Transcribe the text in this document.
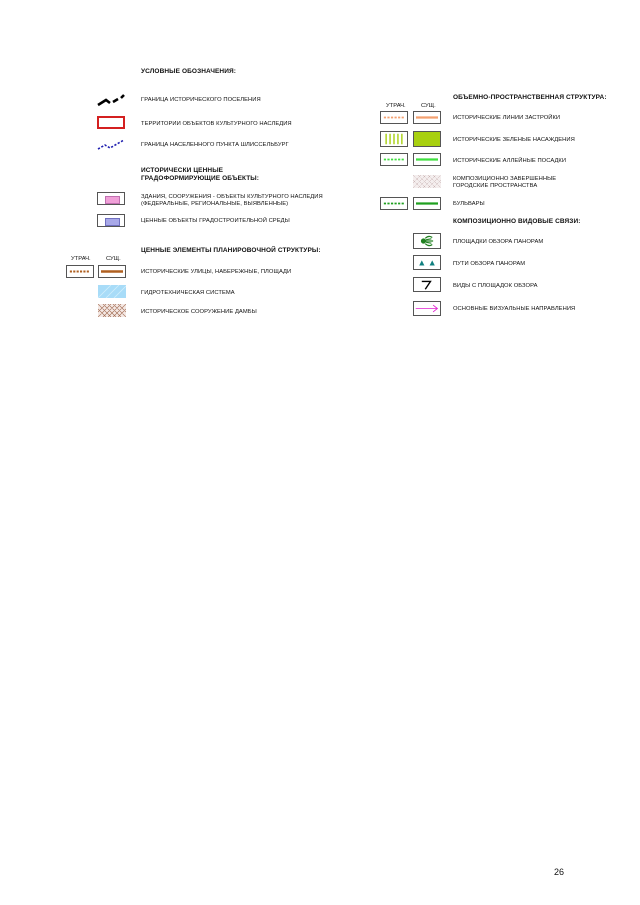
УСЛОВНЫЕ ОБОЗНАЧЕНИЯ:
ГРАНИЦА ИСТОРИЧЕСКОГО ПОСЕЛЕНИЯ
ТЕРРИТОРИИ ОБЪЕКТОВ КУЛЬТУРНОГО НАСЛЕДИЯ
ГРАНИЦА НАСЕЛЕННОГО ПУНКТА ШЛИССЕЛЬБУРГ
ИСТОРИЧЕСКИ ЦЕННЫЕ
ГРАДОФОРМИРУЮЩИЕ ОБЪЕКТЫ:
ЗДАНИЯ, СООРУЖЕНИЯ - ОБЪЕКТЫ КУЛЬТУРНОГО НАСЛЕДИЯ
(ФЕДЕРАЛЬНЫЕ, РЕГИОНАЛЬНЫЕ, ВЫЯВЛЕННЫЕ)
ЦЕННЫЕ ОБЪЕКТЫ ГРАДОСТРОИТЕЛЬНОЙ СРЕДЫ
ЦЕННЫЕ ЭЛЕМЕНТЫ ПЛАНИРОВОЧНОЙ СТРУКТУРЫ:
УТРАЧ.	СУЩ.
ИСТОРИЧЕСКИЕ УЛИЦЫ, НАБЕРЕЖНЫЕ, ПЛОЩАДИ
ГИДРОТЕХНИЧЕСКАЯ СИСТЕМА
ИСТОРИЧЕСКОЕ СООРУЖЕНИЕ ДАМБЫ
ОБЪЕМНО-ПРОСТРАНСТВЕННАЯ СТРУКТУРА:
УТРАЧ.	СУЩ.
ИСТОРИЧЕСКИЕ ЛИНИИ ЗАСТРОЙКИ
ИСТОРИЧЕСКИЕ ЗЕЛЕНЫЕ НАСАЖДЕНИЯ
ИСТОРИЧЕСКИЕ АЛЛЕЙНЫЕ ПОСАДКИ
КОМПОЗИЦИОННО ЗАВЕРШЕННЫЕ
ГОРОДСКИЕ ПРОСТРАНСТВА
БУЛЬВАРЫ
КОМПОЗИЦИОННО ВИДОВЫЕ СВЯЗИ:
ПЛОЩАДКИ ОБЗОРА ПАНОРАМ
ПУТИ ОБЗОРА ПАНОРАМ
ВИДЫ С ПЛОЩАДОК ОБЗОРА
ОСНОВНЫЕ ВИЗУАЛЬНЫЕ НАПРАВЛЕНИЯ
26
